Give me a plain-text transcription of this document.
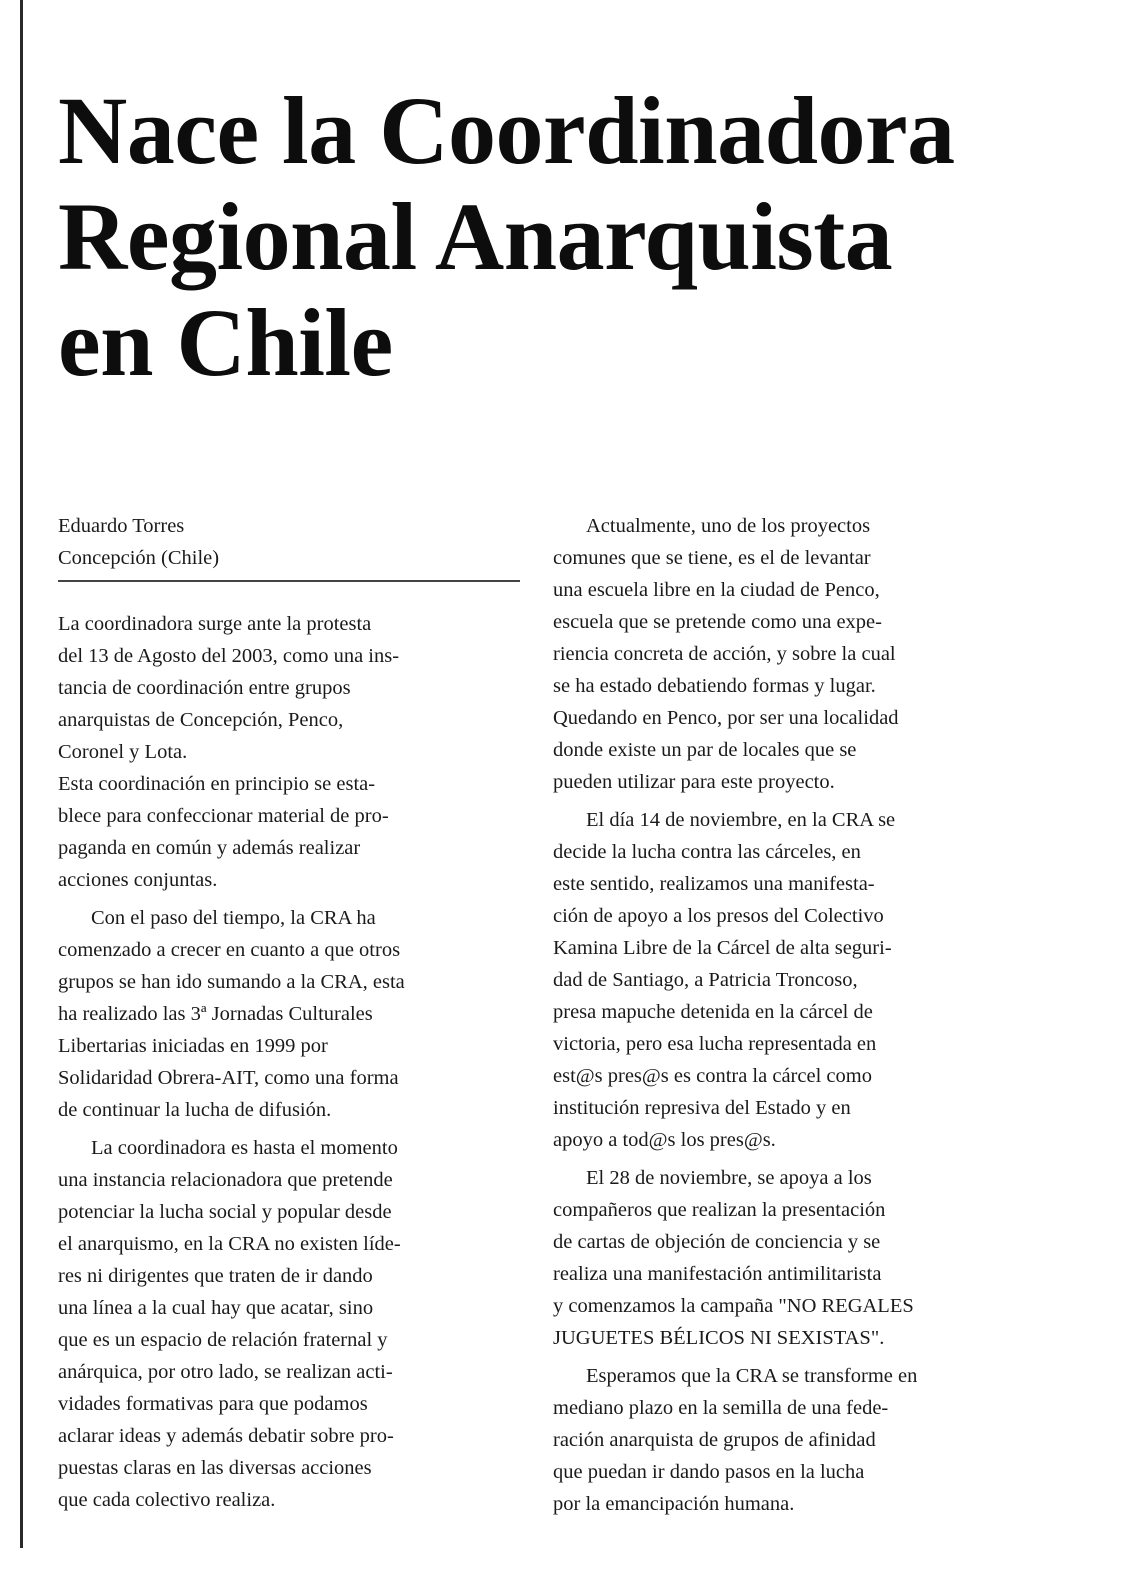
Nace la Coordinadora
Regional Anarquista
en Chile
Eduardo Torres
Concepción (Chile)

La coordinadora surge ante la protesta
del 13 de Agosto del 2003, como una ins-
tancia de coordinación entre grupos
anarquistas de Concepción, Penco,
Coronel y Lota.

Esta coordinación en principio se esta-
blece para confeccionar material de pro-
paganda en común y además realizar
acciones conjuntas.

Con el paso del tiempo, la CRA ha
comenzado a crecer en cuanto a que otros
grupos se han ido sumando a la CRA, esta
ha realizado las 3ª Jornadas Culturales
Libertarias iniciadas en 1999 por
Solidaridad Obrera-AIT, como una forma
de continuar la lucha de difusión.

La coordinadora es hasta el momento
una instancia relacionadora que pretende
potenciar la lucha social y popular desde
el anarquismo, en la CRA no existen líde-
res ni dirigentes que traten de ir dando
una línea a la cual hay que acatar, sino
que es un espacio de relación fraternal y
anárquica, por otro lado, se realizan acti-
vidades formativas para que podamos
aclarar ideas y además debatir sobre pro-
puestas claras en las diversas acciones
que cada colectivo realiza.

Actualmente, uno de los proyectos
comunes que se tiene, es el de levantar
una escuela libre en la ciudad de Penco,
escuela que se pretende como una expe-
riencia concreta de acción, y sobre la cual
se ha estado debatiendo formas y lugar.
Quedando en Penco, por ser una localidad
donde existe un par de locales que se
pueden utilizar para este proyecto.

El día 14 de noviembre, en la CRA se
decide la lucha contra las cárceles, en
este sentido, realizamos una manifesta-
ción de apoyo a los presos del Colectivo
Kamina Libre de la Cárcel de alta seguri-
dad de Santiago, a Patricia Troncoso,
presa mapuche detenida en la cárcel de
victoria, pero esa lucha representada en
est@s pres@s es contra la cárcel como
institución represiva del Estado y en
apoyo a tod@s los pres@s.

El 28 de noviembre, se apoya a los
compañeros que realizan la presentación
de cartas de objeción de conciencia y se
realiza una manifestación antimilitarista
y comenzamos la campaña "NO REGALES
JUGUETES BÉLICOS NI SEXISTAS".

Esperamos que la CRA se transforme en
mediano plazo en la semilla de una fede-
ración anarquista de grupos de afinidad
que puedan ir dando pasos en la lucha
por la emancipación humana.
